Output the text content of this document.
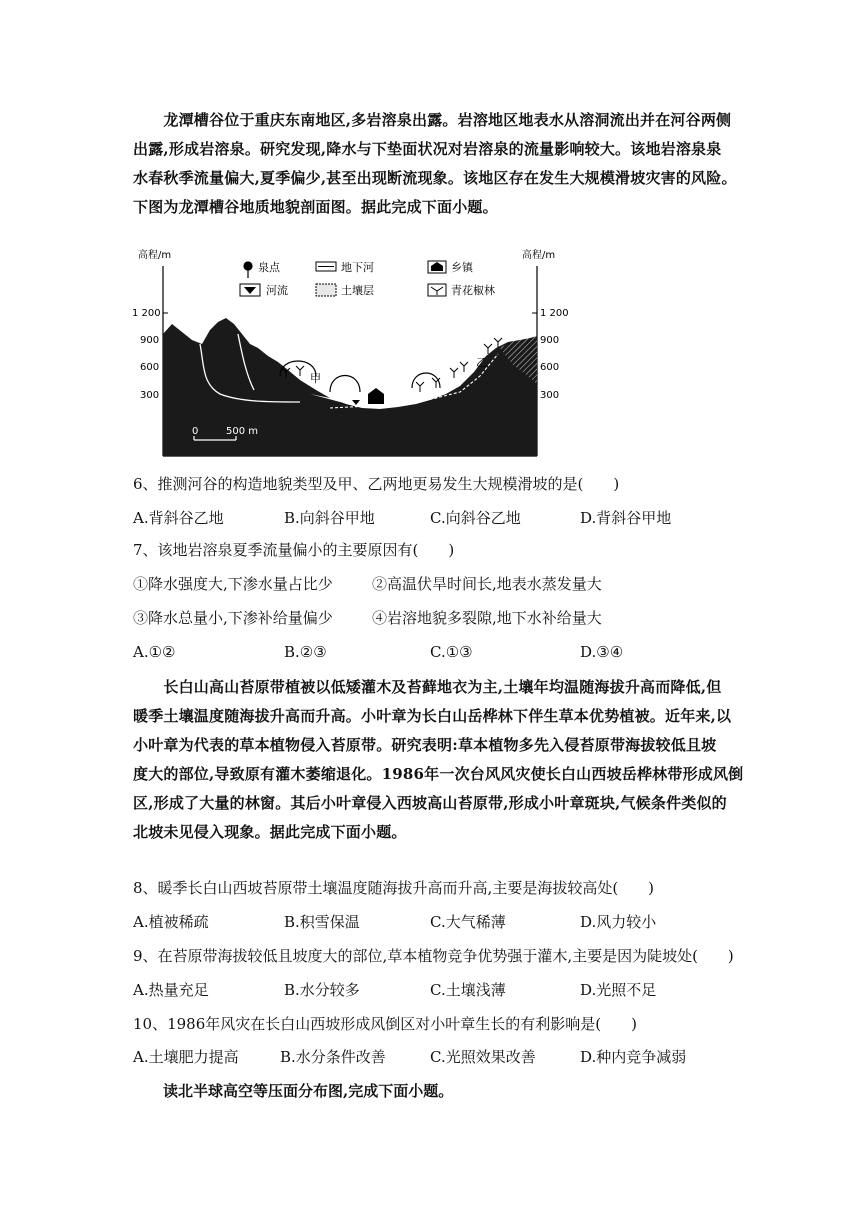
　　龙潭槽谷位于重庆东南地区,多岩溶泉出露。岩溶地区地表水从溶洞流出并在河谷两侧

出露,形成岩溶泉。研究发现,降水与下垫面状况对岩溶泉的流量影响较大。该地岩溶泉泉

水春秋季流量偏大,夏季偏少,甚至出现断流现象。该地区存在发生大规模滑坡灾害的风险。

下图为龙潭槽谷地质地貌剖面图。据此完成下面小题。

高程/m	高程/m
1 200
900
600
300
1 200
900
600
300
泉点	地下河	乡镇
河流	土壤层	青花椒林
甲
乙
0	500 m
6、推测河谷的构造地貌类型及甲、乙两地更易发生大规模滑坡的是(　　)
A.背斜谷乙地	B.向斜谷甲地	C.向斜谷乙地	D.背斜谷甲地
7、该地岩溶泉夏季流量偏小的主要原因有(　　)
①降水强度大,下渗水量占比少	②高温伏旱时间长,地表水蒸发量大
③降水总量小,下渗补给量偏少	④岩溶地貌多裂隙,地下水补给量大
A.①②	B.②③	C.①③	D.③④

　　长白山高山苔原带植被以低矮灌木及苔藓地衣为主,土壤年均温随海拔升高而降低,但

暖季土壤温度随海拔升高而升高。小叶章为长白山岳桦林下伴生草本优势植被。近年来,以

小叶章为代表的草本植物侵入苔原带。研究表明:草本植物多先入侵苔原带海拔较低且坡

度大的部位,导致原有灌木萎缩退化。1986年一次台风风灾使长白山西坡岳桦林带形成风倒

区,形成了大量的林窗。其后小叶章侵入西坡高山苔原带,形成小叶章斑块,气候条件类似的

北坡未见侵入现象。据此完成下面小题。

8、暖季长白山西坡苔原带土壤温度随海拔升高而升高,主要是海拔较高处(　　)
A.植被稀疏	B.积雪保温	C.大气稀薄	D.风力较小
9、在苔原带海拔较低且坡度大的部位,草本植物竞争优势强于灌木,主要是因为陡坡处(　　)
A.热量充足	B.水分较多	C.土壤浅薄	D.光照不足
10、1986年风灾在长白山西坡形成风倒区对小叶章生长的有利影响是(　　)
A.土壤肥力提高	B.水分条件改善	C.光照效果改善	D.种内竞争减弱
　　读北半球高空等压面分布图,完成下面小题。
